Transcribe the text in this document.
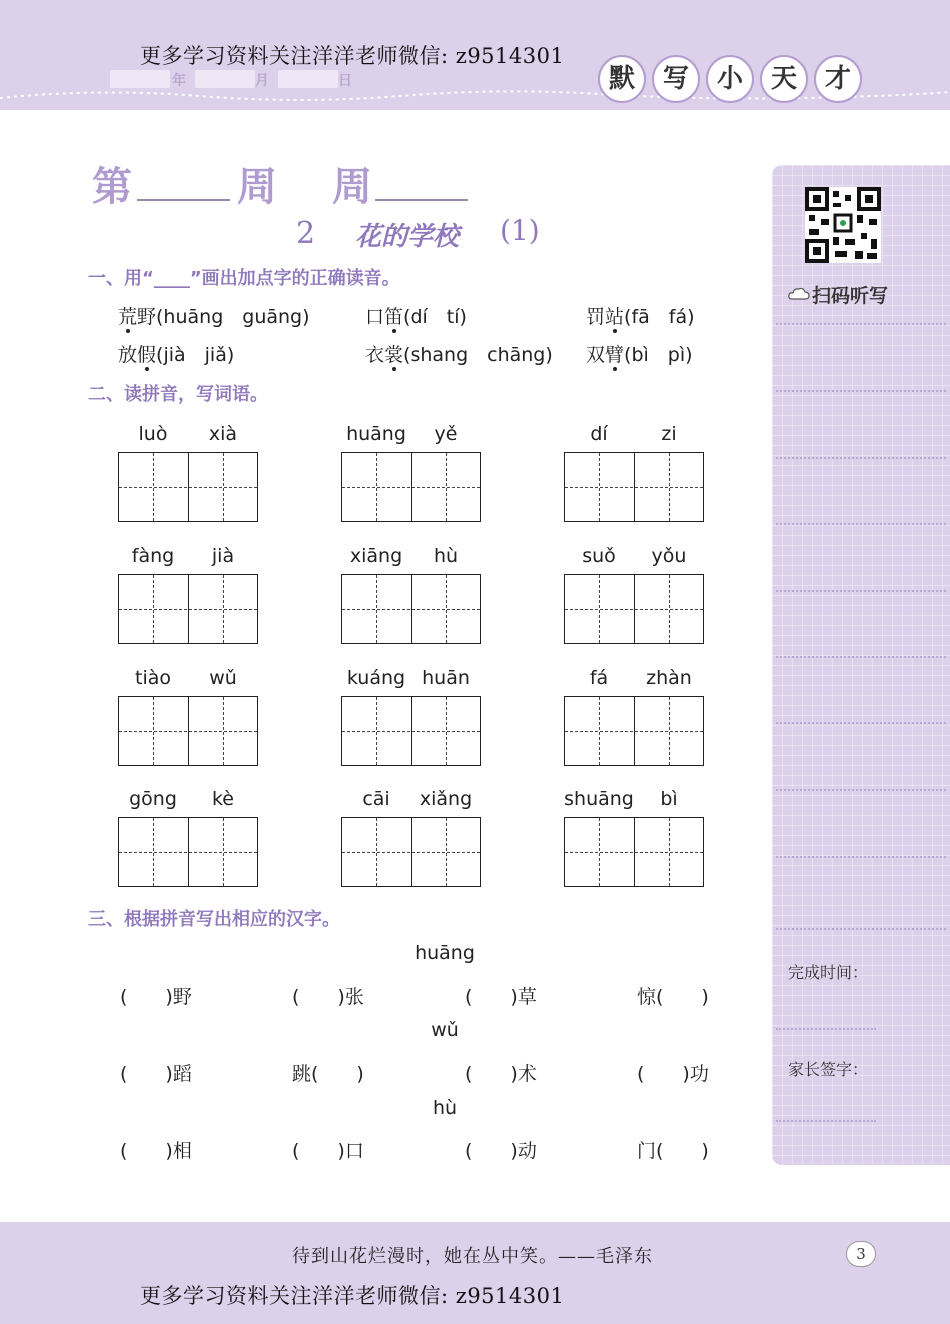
更多学习资料关注洋洋老师微信: z9514301
年	月	日	默	写	小	天	才
第	周 周
2 花的学校 (1)
一、用“____”画出加点字的正确读音。
荒野(huāng　guāng)	口笛(dí　tí)	罚站(fā　fá)
放假(jià　jiǎ)	衣裳(shang　chāng) 双臂(bì　pì)
二、读拼音，写词语。
luò	xià	huāng	yě	dí	zi
fàng	jià	xiāng	hù	suǒ	yǒu
tiào	wǔ	kuáng huān	fá	zhàn
gōng	kè	cāi	xiǎng	shuāng	bì
三、根据拼音写出相应的汉字。
huāng
(　　)野	(　　)张	(　　)草	惊(　　)
wǔ
(　　)蹈	跳(　　)	(　　)术	(　　)功
hù
(　　)相	(　　)口	(　　)动	门(　　)
扫码听写
完成时间：
家长签字：
待到山花烂漫时，她在丛中笑。——毛泽东	3
更多学习资料关注洋洋老师微信: z9514301
